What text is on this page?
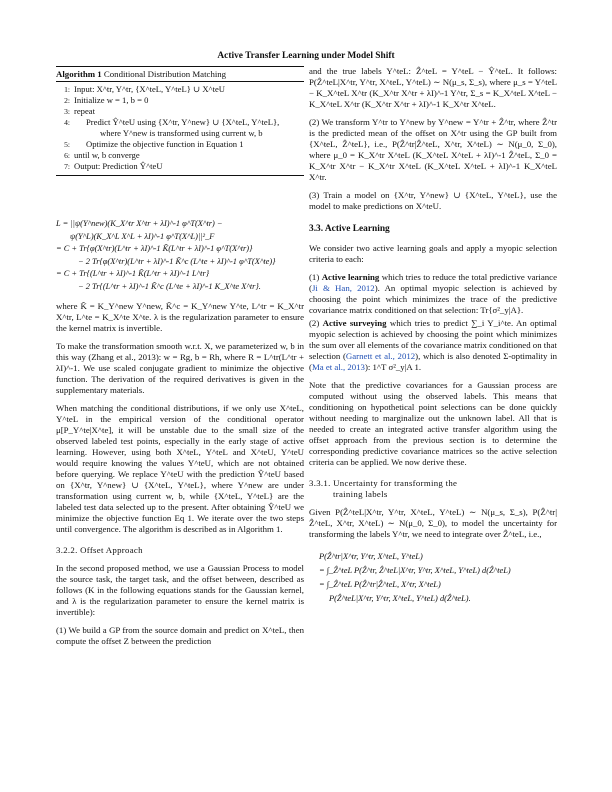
Active Transfer Learning under Model Shift
Algorithm 1 Conditional Distribution Matching
1: Input: X^tr, Y^tr, {X^teL, Y^teL} ∪ X^teU
2: Initialize w = 1, b = 0
3: repeat
4:	Predict Ŷ^teU using {X^tr, Y^new} ∪ {X^teL, Y^teL},
where Y^new is transformed using current w, b
5:	Optimize the objective function in Equation 1
6: until w, b converge
7: Output: Prediction Ŷ^teU
L = ||ψ(Y^new)(K_X^tr X^tr + λI)^-1 φ^T(X^tr) −
ψ(Y^L)(K_X^L X^L + λI)^-1 φ^T(X^L)||²_F
= C + Tr{φ(X^tr)(L^tr + λI)^-1 K̃(L^tr + λI)^-1 φ^T(X^tr)}
− 2 Tr{φ(X^tr)(L^tr + λI)^-1 K̃^c (L^te + λI)^-1 φ^T(X^te)}
= C + Tr{(L^tr + λI)^-1 K̃(L^tr + λI)^-1 L^tr}
− 2 Tr{(L^tr + λI)^-1 K̃^c (L^te + λI)^-1 K_X^te X^tr}.

where K̃ = K_Y^new Y^new, K̃^c = K_Y^new Y^te, L^tr = K_X^tr X^tr, L^te = K_X^te X^te. λ is the regularization parameter to ensure the kernel matrix is invertible.

To make the transformation smooth w.r.t. X, we parameterized w, b in this way (Zhang et al., 2013): w = Rg, b = Rh, where R = L^tr(L^tr + λI)^-1. We use scaled conjugate gradient to minimize the objective function. The derivation of the required derivatives is given in the supplementary materials.

When matching the conditional distributions, if we only use X^teL, Y^teL in the empirical version of the conditional operator μ[P_Y^te|X^te], it will be unstable due to the small size of the observed labeled test points, especially in the early stage of active learning. However, using both X^teL, Y^teL and X^teU, Y^teU would require knowing the values Y^teU, which are not obtained before querying. We replace Y^teU with the prediction Ŷ^teU based on {X^tr, Y^new} ∪ {X^teL, Y^teL}, where Y^new are under transformation using current w, b, while {X^teL, Y^teL} are the labeled test data selected up to the present. After obtaining Ŷ^teU we minimize the objective function Eq 1. We iterate over the two steps until convergence. The algorithm is described as in Algorithm 1.

3.2.2. Offset Approach

In the second proposed method, we use a Gaussian Process to model the source task, the target task, and the offset between, described as follows (K in the following equations stands for the Gaussian kernel, and λ is the regularization parameter to ensure the kernel matrix is invertible):

(1) We build a GP from the source domain and predict on X^teL, then compute the offset Z between the prediction

and the true labels Y^teL: Ẑ^teL = Y^teL − Ŷ^teL. It follows: P(Ẑ^teL|X^tr, Y^tr, X^teL, Y^teL) ∼ N(μ_s, Σ_s), where μ_s = Y^teL − K_X^teL X^tr (K_X^tr X^tr + λI)^-1 Y^tr, Σ_s = K_X^teL X^teL − K_X^teL X^tr (K_X^tr X^tr + λI)^-1 K_X^tr X^teL.

(2) We transform Y^tr to Y^new by Y^new = Y^tr + Ẑ^tr, where Ẑ^tr is the predicted mean of the offset on X^tr using the GP built from {X^teL, Ẑ^teL}, i.e., P(Ẑ^tr|Ẑ^teL, X^tr, X^teL) ∼ N(μ_0, Σ_0), where μ_0 = K_X^tr X^teL (K_X^teL X^teL + λI)^-1 Ẑ^teL, Σ_0 = K_X^tr X^tr − K_X^tr X^teL (K_X^teL X^teL + λI)^-1 K_X^teL X^tr.

(3) Train a model on {X^tr, Y^new} ∪ {X^teL, Y^teL}, use the model to make predictions on X^teU.

3.3. Active Learning

We consider two active learning goals and apply a myopic selection criteria to each:

(1) Active learning which tries to reduce the total predictive variance (Ji & Han, 2012). An optimal myopic selection is achieved by choosing the point which minimizes the trace of the predictive covariance matrix conditioned on that selection: Tr{σ²_y|A}.

(2) Active surveying which tries to predict ∑_i Y_i^te. An optimal myopic selection is achieved by choosing the point which minimizes the sum over all elements of the covariance matrix conditioned on that selection (Garnett et al., 2012), which is also denoted Σ-optimality in (Ma et al., 2013): 1^T σ²_y|A 1.

Note that the predictive covariances for a Gaussian process are computed without using the observed labels. This means that conditioning on hypothetical point selections can be done quickly without needing to marginalize out the unknown label. All that is needed to create an integrated active transfer algorithm using the offset approach from the previous section is to determine the corresponding predictive covariance matrices so the active selection criteria can be applied. We now derive these.

3.3.1. Uncertainty for transforming the
training labels

Given P(Ẑ^teL|X^tr, Y^tr, X^teL, Y^teL) ∼ N(μ_s, Σ_s), P(Ẑ^tr|Ẑ^teL, X^tr, X^teL) ∼ N(μ_0, Σ_0), to model the uncertainty for transforming the labels Y^tr, we need to integrate over Ẑ^teL, i.e.,

P(Ẑ^tr|X^tr, Y^tr, X^teL, Y^teL)
= ∫_Ẑ^teL P(Ẑ^tr, Ẑ^teL|X^tr, Y^tr, X^teL, Y^teL) d(Ẑ^teL)
= ∫_Ẑ^teL P(Ẑ^tr|Ẑ^teL, X^tr, X^teL)
P(Ẑ^teL|X^tr, Y^tr, X^teL, Y^teL) d(Ẑ^teL).
